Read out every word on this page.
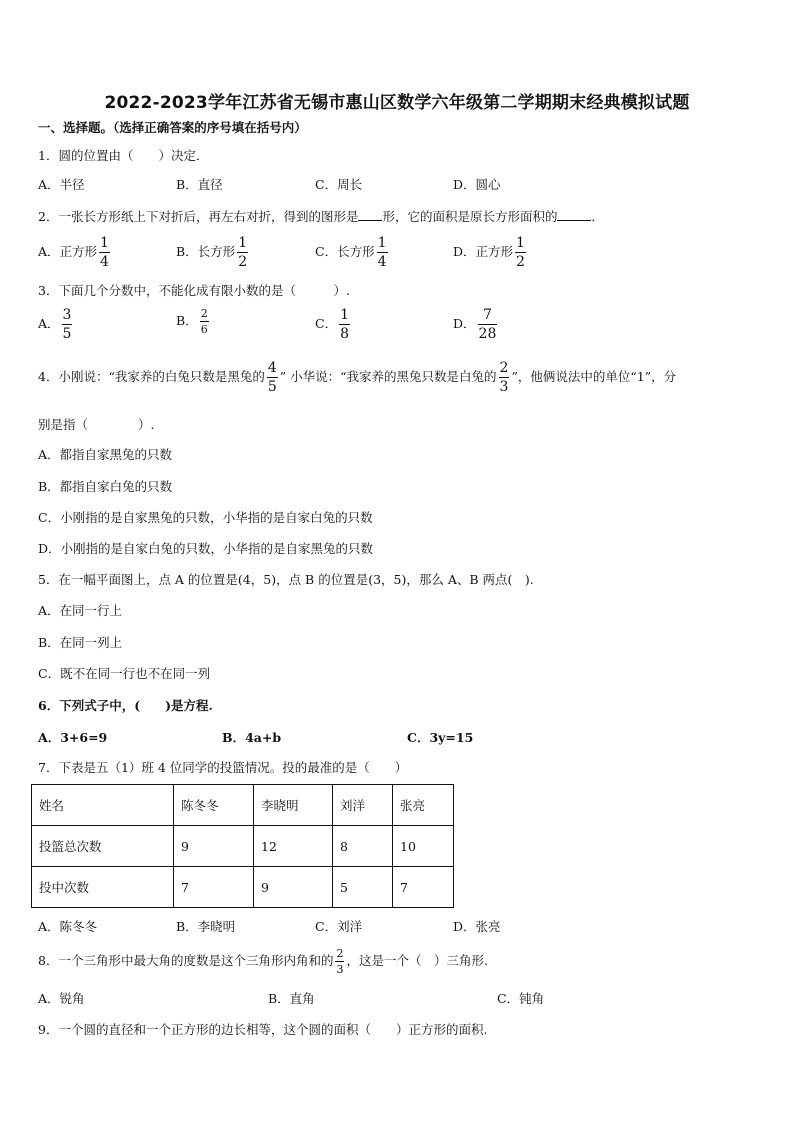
2022-2023学年江苏省无锡市惠山区数学六年级第二学期期末经典模拟试题
一、选择题。（选择正确答案的序号填在括号内）
1．圆的位置由（　　）决定．
A．半径	B．直径	C．周长	D．圆心
2．一张长方形纸上下对折后，再左右对折，得到的图形是 形，它的面积是原长方形面积的	．
A．正方形 $\frac{1}{4}$	B．长方形 $\frac{1}{2}$	C．长方形 $\frac{1}{4}$	D．正方形 $\frac{1}{2}$
3．下面几个分数中，不能化成有限小数的是（　　　）.
A． $\frac{3}{5}$	B． $\frac{2}{6}$	C． $\frac{1}{8}$	D． $\frac{7}{28}$
4．小刚说：“我家养的白兔只数是黑兔的 $\frac{4}{5}$ ” 小华说：“我家养的黑兔只数是白兔的 $\frac{2}{3}$ ”，他俩说法中的单位“1”，分
别是指（　　　　）.
A．都指自家黑兔的只数
B．都指自家白兔的只数
C．小刚指的是自家黑兔的只数，小华指的是自家白兔的只数
D．小刚指的是自家白兔的只数，小华指的是自家黑兔的只数
5．在一幅平面图上，点 A 的位置是(4，5)，点 B 的位置是(3，5)，那么 A、B 两点(　).
A．在同一行上
B．在同一列上
C．既不在同一行也不在同一列
6．下列式子中，(　　)是方程.
A．3+6=9	B．4a+b	C．3y=15
7．下表是五（1）班 4 位同学的投篮情况。投的最准的是（　　）
姓名	陈冬冬	李晓明	刘洋	张亮
投篮总次数	9	12	8	10
投中次数	7	9	5	7
A．陈冬冬	B．李晓明	C．刘洋	D．张亮
8．一个三角形中最大角的度数是这个三角形内角和的 $\frac{2}{3}$ ，这是一个（　）三角形.
A．锐角	B．直角	C．钝角
9．一个圆的直径和一个正方形的边长相等，这个圆的面积（　　）正方形的面积.
